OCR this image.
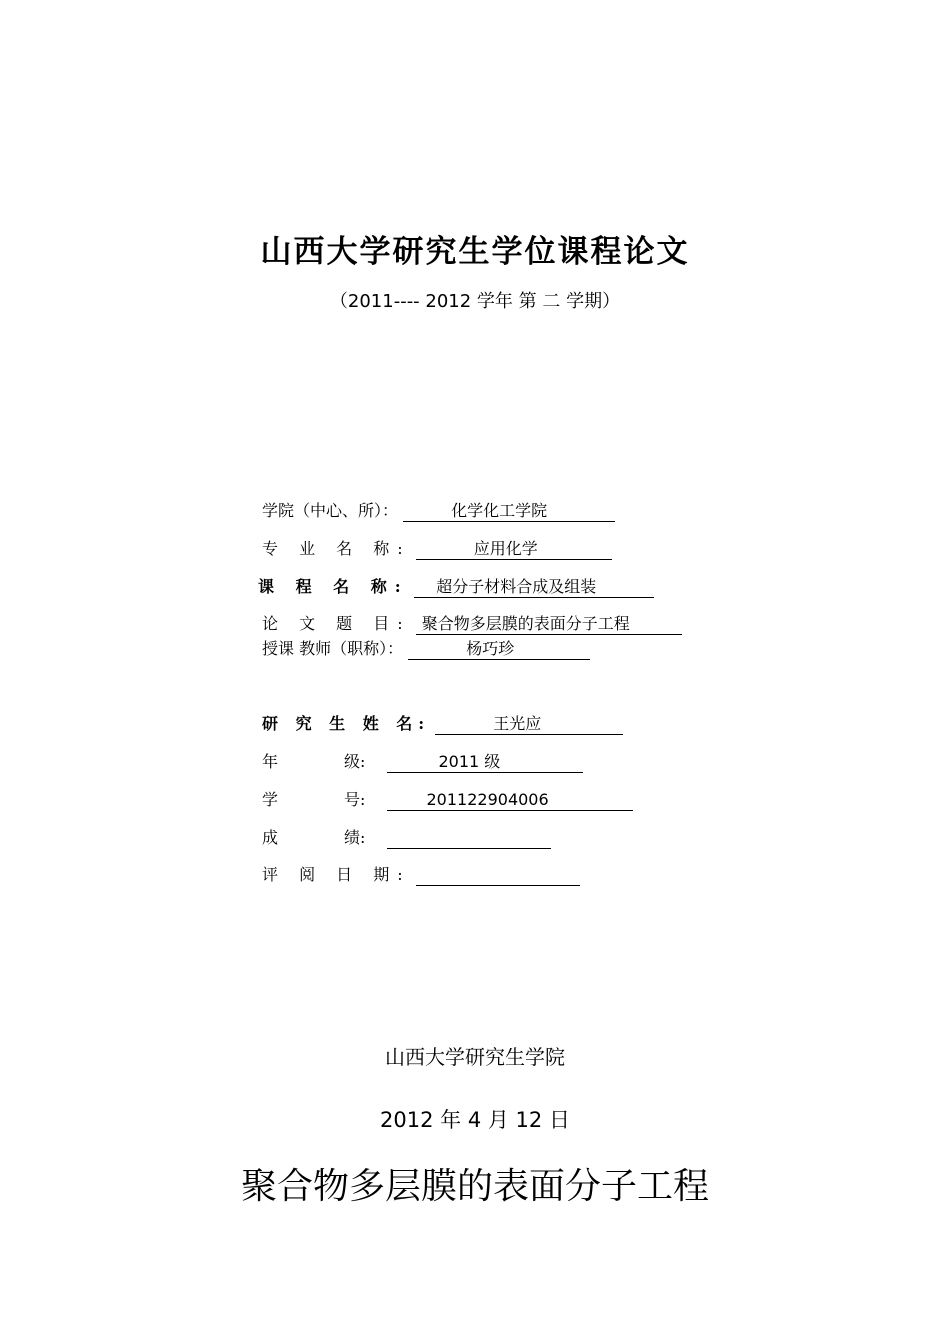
山西大学研究生学位课程论文
（2011---- 2012 学年 第 二 学期）
学院（中心、所）：	化学化工学院
专 业 名 称:	应用化学
课 程 名 称: 超分子材料合成及组装
论 文 题 目: 聚合物多层膜的表面分子工程
授课 教师（职称）：	杨巧珍
研 究 生 姓 名:	王光应
年	级:	2011 级
学	号:	201122904006
成	绩:
评 阅 日 期:
山西大学研究生学院
2012 年 4 月 12 日
聚合物多层膜的表面分子工程
